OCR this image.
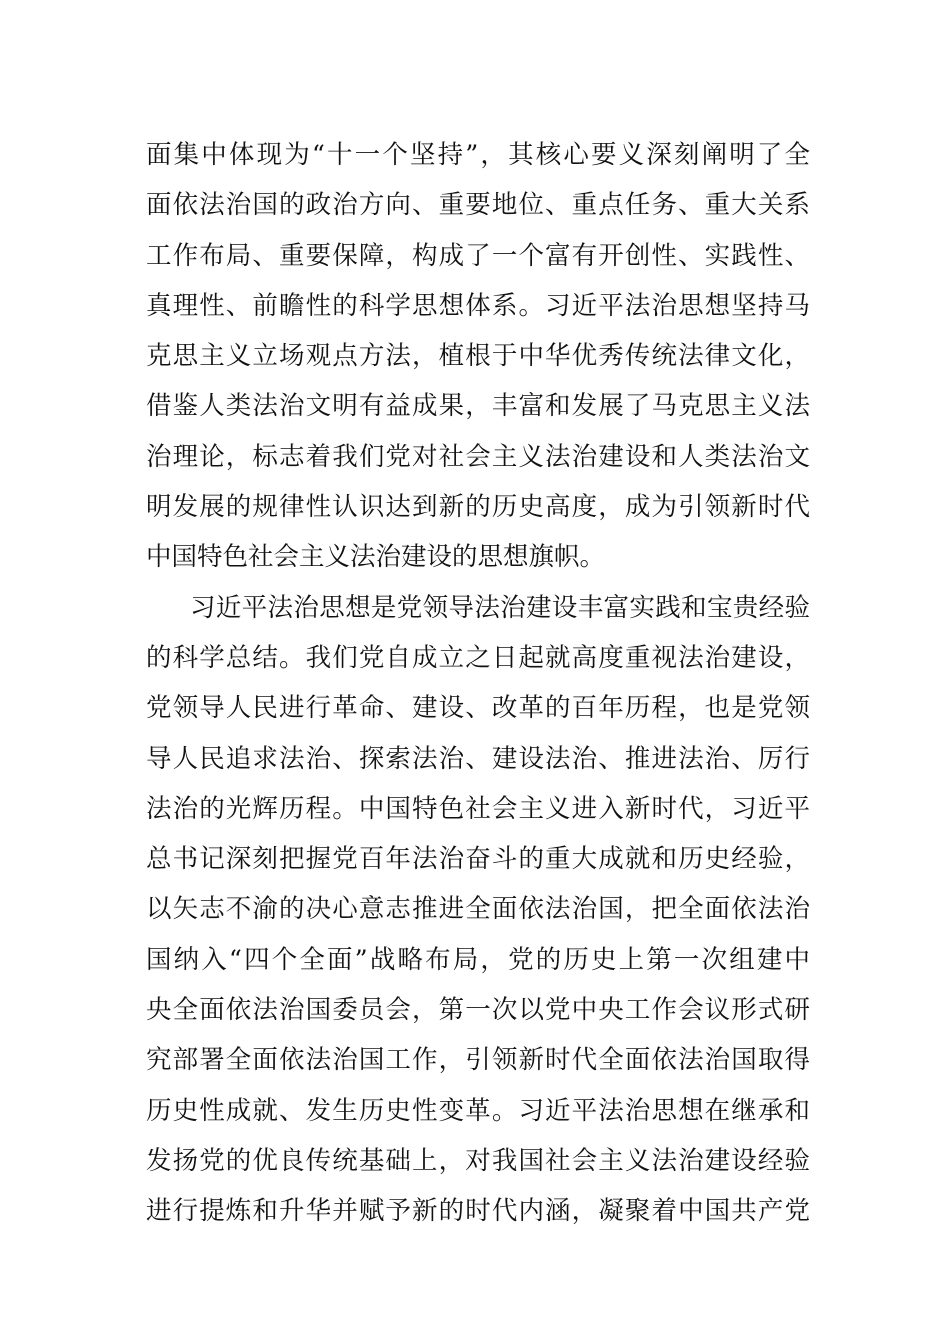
面集中体现为“十一个坚持”，其核心要义深刻阐明了全
面依法治国的政治方向、重要地位、重点任务、重大关系
工作布局、重要保障，构成了一个富有开创性、实践性、
真理性、前瞻性的科学思想体系。习近平法治思想坚持马
克思主义立场观点方法，植根于中华优秀传统法律文化，
借鉴人类法治文明有益成果，丰富和发展了马克思主义法
治理论，标志着我们党对社会主义法治建设和人类法治文
明发展的规律性认识达到新的历史高度，成为引领新时代
中国特色社会主义法治建设的思想旗帜。
习近平法治思想是党领导法治建设丰富实践和宝贵经验
的科学总结。我们党自成立之日起就高度重视法治建设，
党领导人民进行革命、建设、改革的百年历程，也是党领
导人民追求法治、探索法治、建设法治、推进法治、厉行
法治的光辉历程。中国特色社会主义进入新时代，习近平
总书记深刻把握党百年法治奋斗的重大成就和历史经验，
以矢志不渝的决心意志推进全面依法治国，把全面依法治
国纳入“四个全面”战略布局，党的历史上第一次组建中
央全面依法治国委员会，第一次以党中央工作会议形式研
究部署全面依法治国工作，引领新时代全面依法治国取得
历史性成就、发生历史性变革。习近平法治思想在继承和
发扬党的优良传统基础上，对我国社会主义法治建设经验
进行提炼和升华并赋予新的时代内涵，凝聚着中国共产党
